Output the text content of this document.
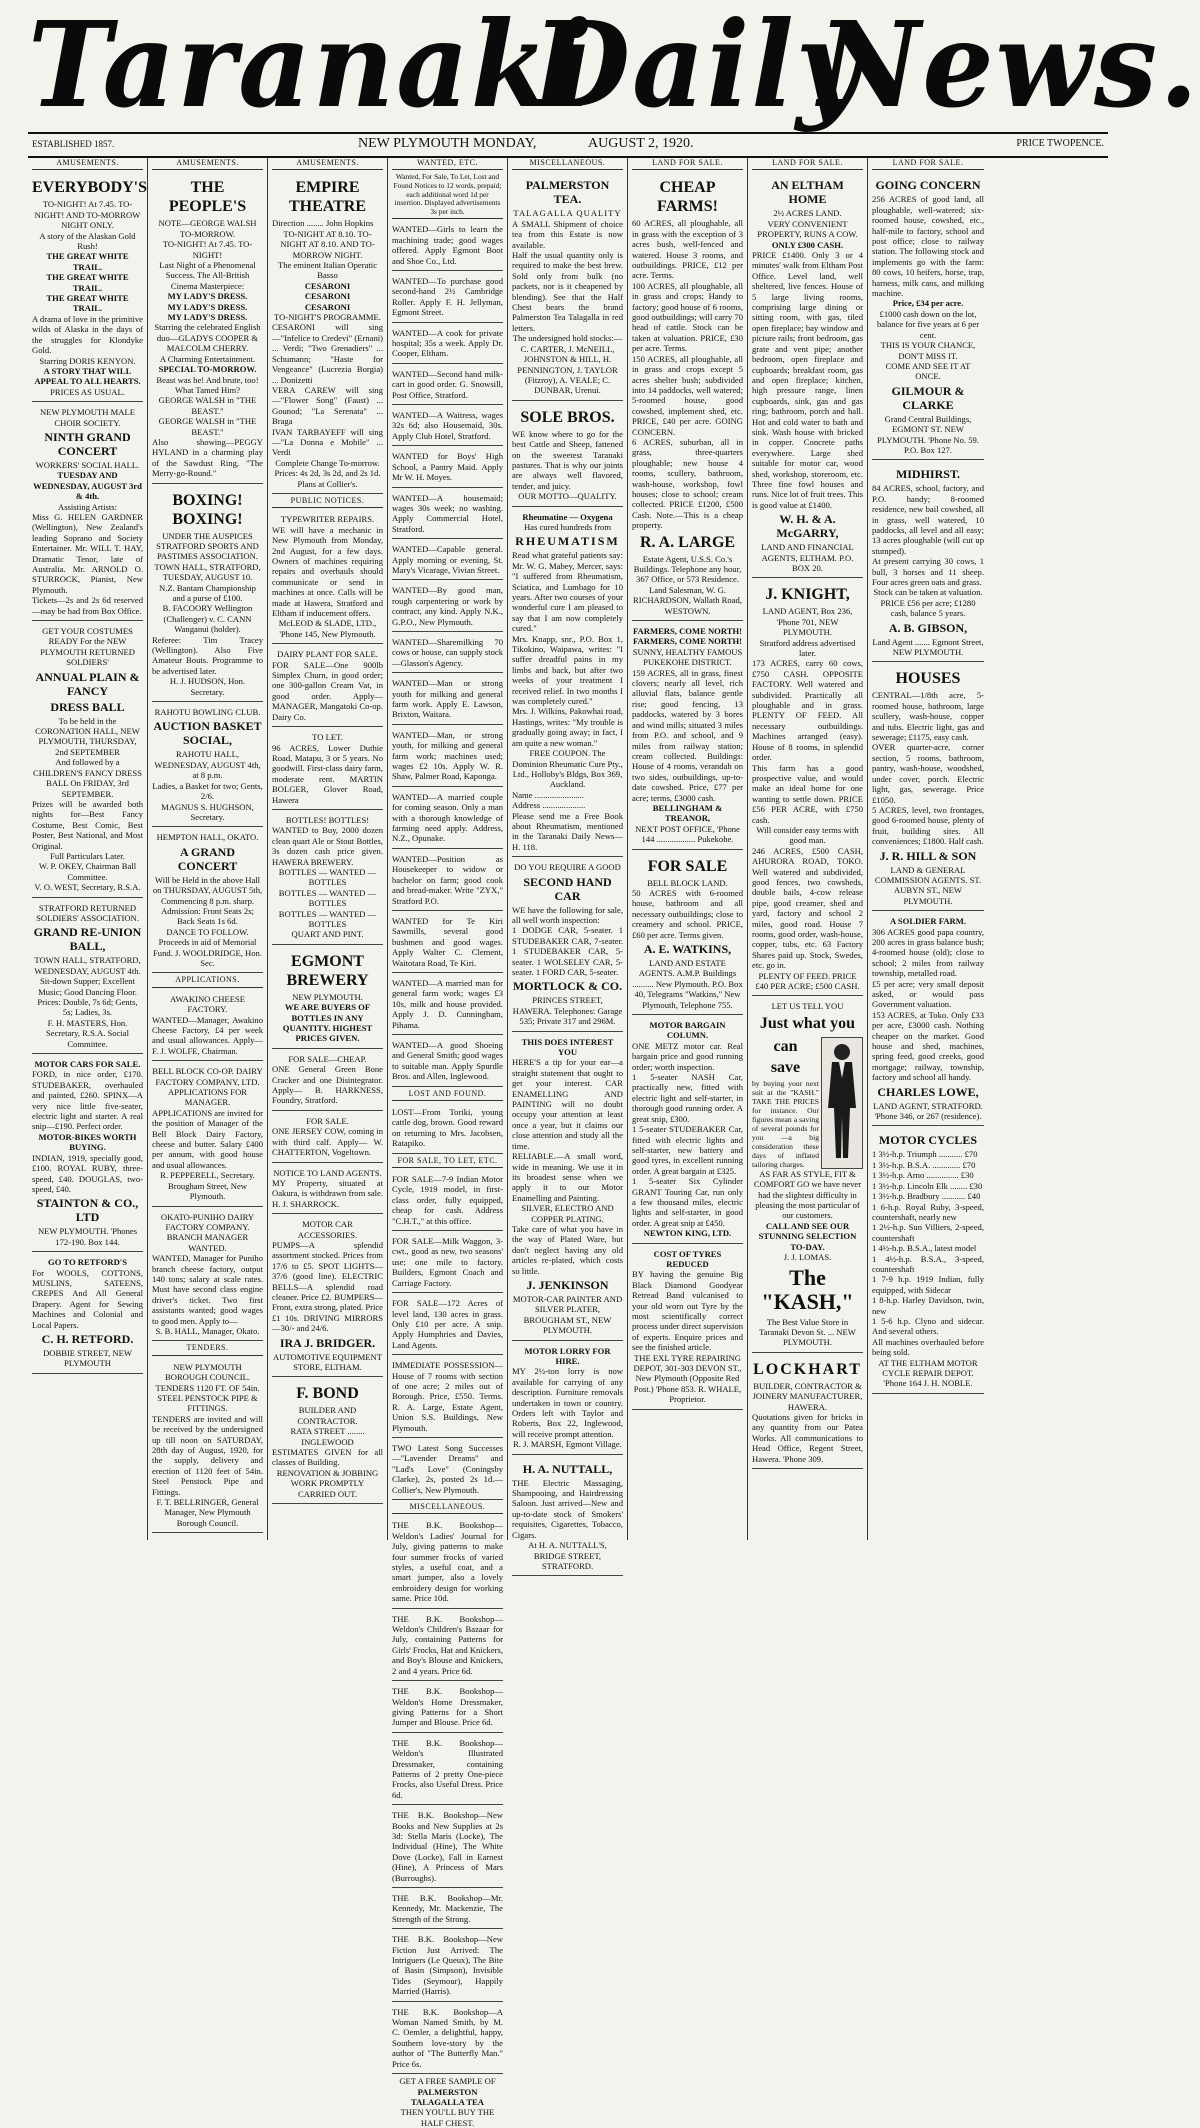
Taranaki
Daily
News.
ESTABLISHED 1857.	NEW PLYMOUTH MONDAY,	AUGUST 2, 1920.	PRICE TWOPENCE.
AMUSEMENTS.
EVERYBODY'S
TO-NIGHT! At 7.45. TO-NIGHT! AND TO-MORROW NIGHT ONLY.
A story of the Alaskan Gold Rush!
THE GREAT WHITE TRAIL.
THE GREAT WHITE TRAIL.
THE GREAT WHITE TRAIL.
A drama of love in the primitive wilds of Alaska in the days of the struggles for Klondyke Gold.
Starring DORIS KENYON.
A STORY THAT WILL APPEAL TO ALL HEARTS.
PRICES AS USUAL.
NEW PLYMOUTH MALE CHOIR SOCIETY.
NINTH GRAND CONCERT
WORKERS' SOCIAL HALL.
TUESDAY AND WEDNESDAY, AUGUST 3rd & 4th.
Assisting Artists:
Miss G. HELEN GARDNER (Wellington), New Zealand's leading Soprano and Society Entertainer. Mr. WILL T. HAY, Dramatic Tenor, late of Australia. Mr. ARNOLD O. STURROCK, Pianist, New Plymouth.
Tickets—2s and 2s 6d reserved—may be had from Box Office.
GET YOUR COSTUMES READY For the NEW PLYMOUTH RETURNED SOLDIERS'
ANNUAL PLAIN & FANCY
DRESS BALL
To be held in the CORONATION HALL, NEW PLYMOUTH, THURSDAY, 2nd SEPTEMBER
And followed by a CHILDREN'S FANCY DRESS BALL On FRIDAY, 3rd SEPTEMBER.
Prizes will be awarded both nights for—Best Fancy Costume, Best Comic, Best Poster, Best National, and Most Original.
Full Particulars Later.
W. P. OKEY, Chairman Ball Committee.
V. O. WEST, Secretary, R.S.A.
STRATFORD RETURNED SOLDIERS' ASSOCIATION.
GRAND RE-UNION BALL,
TOWN HALL, STRATFORD,
WEDNESDAY, AUGUST 4th.
Sit-down Supper; Excellent Music; Good Dancing Floor.
Prices: Double, 7s 6d; Gents, 5s; Ladies, 3s.
F. H. MASTERS, Hon. Secretary, R.S.A. Social Committee.
MOTOR CARS FOR SALE.
FORD, in nice order, £170. STUDEBAKER, overhauled and painted, £260. SPINX—A very nice little five-seater, electric light and starter. A real snip—£190. Perfect order.
MOTOR-BIKES WORTH BUYING.
INDIAN, 1919, specially good, £100. ROYAL RUBY, three-speed, £40. DOUGLAS, two-speed, £40.
STAINTON & CO., LTD
NEW PLYMOUTH. 'Phones 172-190. Box 144.
GO TO RETFORD'S
For WOOLS, COTTONS, MUSLINS, SATEENS, CREPES And All General Drapery. Agent for Sewing Machines and Colonial and Local Papers.
C. H. RETFORD.
DOBBIE STREET, NEW PLYMOUTH
AMUSEMENTS.
THE PEOPLE'S
NOTE—GEORGE WALSH TO-MORROW.
TO-NIGHT! At 7.45. TO-NIGHT!
Last Night of a Phenomenal Success. The All-British Cinema Masterpiece:
MY LADY'S DRESS.
MY LADY'S DRESS.
MY LADY'S DRESS.
Starring the celebrated English duo—GLADYS COOPER & MALCOLM CHERRY.
A Charming Entertainment.
SPECIAL TO-MORROW.
Beast was he! And brute, too! What Tamed Him?
GEORGE WALSH in "THE BEAST."
GEORGE WALSH in "THE BEAST."
Also showing—PEGGY HYLAND in a charming play of the Sawdust Ring, "The Merry-go-Round."
BOXING! BOXING!
UNDER THE AUSPICES STRATFORD SPORTS AND PASTIMES ASSOCIATION.
TOWN HALL, STRATFORD, TUESDAY, AUGUST 10.
N.Z. Bantam Championship and a purse of £100.
B. FACOORY Wellington (Challenger) v. C. CANN Wanganui (holder).
Referee: Tim Tracey (Wellington). Also Five Amateur Bouts. Programme to be advertised later.
H. J. HUDSON, Hon. Secretary.
RAHOTU BOWLING CLUB.
AUCTION BASKET SOCIAL,
RAHOTU HALL, WEDNESDAY, AUGUST 4th, at 8 p.m.
Ladies, a Basket for two; Gents, 2/6.
MAGNUS S. HUGHSON, Secretary.
HEMPTON HALL, OKATO.
A GRAND CONCERT
Will be Held in the above Hall on THURSDAY, AUGUST 5th, Commencing 8 p.m. sharp. Admission: Front Seats 2s; Back Seats 1s 6d.
DANCE TO FOLLOW.
Proceeds in aid of Memorial Fund. J. WOOLDRIDGE, Hon. Sec.
APPLICATIONS.
AWAKINO CHEESE FACTORY.
WANTED—Manager, Awakino Cheese Factory, £4 per week and usual allowances. Apply— F. J. WOLFE, Chairman.
BELL BLOCK CO-OP. DAIRY FACTORY COMPANY, LTD.
APPLICATIONS FOR MANAGER.
APPLICATIONS are invited for the position of Manager of the Bell Block Dairy Factory, cheese and butter. Salary £400 per annum, with good house and usual allowances.
R. PEPPERELL, Secretary. Brougham Street, New Plymouth.
OKATO-PUNIHO DAIRY FACTORY COMPANY.
BRANCH MANAGER WANTED.
WANTED, Manager for Puniho branch cheese factory, output 140 tons; salary at scale rates. Must have second class engine driver's ticket. Two first assistants wanted; good wages to good men. Apply to—
S. B. HALL, Manager, Okato.
TENDERS.
NEW PLYMOUTH BOROUGH COUNCIL.
TENDERS 1120 FT. OF 54in. STEEL PENSTOCK PIPE & FITTINGS.
TENDERS are invited and will be received by the undersigned up till noon on SATURDAY, 28th day of August, 1920, for the supply, delivery and erection of 1120 feet of 54in. Steel Penstock Pipe and Fittings.
F. T. BELLRINGER, General Manager, New Plymouth Borough Council.
AMUSEMENTS.
EMPIRE THEATRE
Direction ........ John Hopkins
TO-NIGHT AT 8.10. TO-NIGHT AT 8.10. AND TO-MORROW NIGHT.
The eminent Italian Operatic Basso
CESARONI
CESARONI
CESARONI
TO-NIGHT'S PROGRAMME.
CESARONI will sing—"Infelice to Credevi" (Ernani) ... Verdi; "Two Grenadiers" ... Schumann; "Haste for Vengeance" (Lucrezia Borgia) ... Donizetti
VERA CAREW will sing—"Flower Song" (Faust) ... Gounod; "La Serenata" ... Braga
IVAN TARBAYEFF will sing—"La Donna e Mobile" ... Verdi
Complete Change To-morrow. Prices: 4s 2d, 3s 2d, and 2s 1d. Plans at Collier's.
PUBLIC NOTICES.
TYPEWRITER REPAIRS.
WE will have a mechanic in New Plymouth from Monday, 2nd August, for a few days. Owners of machines requiring repairs and overhauls should communicate or send in machines at once. Calls will be made at Hawera, Stratford and Eltham if inducement offers.
McLEOD & SLADE, LTD., 'Phone 145, New Plymouth.
DAIRY PLANT FOR SALE.
FOR SALE—One 900lb Simplex Churn, in good order; one 300-gallon Cream Vat, in good order. Apply— MANAGER, Mangatoki Co-op. Dairy Co.
TO LET.
96 ACRES, Lower Duthie Road, Matapu, 3 or 5 years. No goodwill. First-class dairy farm, moderate rent. MARTIN BOLGER, Glover Road, Hawera
BOTTLES! BOTTLES!
WANTED to Buy, 2000 dozen clean quart Ale or Stout Bottles, 3s dozen cash price given. HAWERA BREWERY.
BOTTLES — WANTED — BOTTLES
BOTTLES — WANTED — BOTTLES
BOTTLES — WANTED — BOTTLES
QUART AND PINT.
EGMONT BREWERY
NEW PLYMOUTH.
WE ARE BUYERS OF BOTTLES IN ANY QUANTITY. HIGHEST PRICES GIVEN.
FOR SALE—CHEAP.
ONE General Green Bone Cracker and one Disintegrator. Apply— B. HARKNESS, Foundry, Stratford.
FOR SALE.
ONE JERSEY COW, coming in with third calf. Apply— W. CHATTERTON, Vogeltown.
NOTICE TO LAND AGENTS.
MY Property, situated at Oakura, is withdrawn from sale. H. J. SHARROCK.
MOTOR CAR ACCESSORIES.
PUMPS—A splendid assortment stocked. Prices from 17/6 to £5. SPOT LIGHTS—37/6 (good line). ELECTRIC BELLS—A splendid road cleaner. Price £2. BUMPERS—Front, extra strong, plated. Price £1 10s. DRIVING MIRRORS—30/- and 24/6.
IRA J. BRIDGER.
AUTOMOTIVE EQUIPMENT STORE, ELTHAM.
F. BOND
BUILDER AND CONTRACTOR.
RATA STREET ........ INGLEWOOD
ESTIMATES GIVEN for all classes of Building.
RENOVATION & JOBBING WORK PROMPTLY CARRIED OUT.
WANTED, ETC.
Wanted, For Sale, To Let, Lost and Found Notices to 12 words, prepaid; each additional word 1d per insertion. Displayed advertisements 3s per inch.
WANTED—Girls to learn the machining trade; good wages offered. Apply Egmont Boot and Shoe Co., Ltd.
WANTED—To purchase good second-hand 2½ Cambridge Roller. Apply F. H. Jellyman, Egmont Street.
WANTED—A cook for private hospital; 35s a week. Apply Dr. Cooper, Eltham.
WANTED—Second hand milk-cart in good order. G. Snowsill, Post Office, Stratford.
WANTED—A Waitress, wages 32s 6d; also Housemaid, 30s. Apply Club Hotel, Stratford.
WANTED for Boys' High School, a Pantry Maid. Apply Mr W. H. Moyes.
WANTED—A housemaid; wages 30s week; no washing. Apply Commercial Hotel, Stratford.
WANTED—Capable general. Apply morning or evening, St. Mary's Vicarage, Vivian Street.
WANTED—By good man, rough carpentering or work by contract, any kind. Apply N.K., G.P.O., New Plymouth.
WANTED—Sharemilking 70 cows or house, can supply stock—Glasson's Agency.
WANTED—Man or strong youth for milking and general farm work. Apply E. Lawson, Brixton, Waitara.
WANTED—Man, or strong youth, for milking and general farm work; machines used; wages £2 10s. Apply W. R. Shaw, Palmer Road, Kaponga.
WANTED—A married couple for coming season. Only a man with a thorough knowledge of farming need apply. Address, N.Z., Opunake.
WANTED—Position as Housekeeper to widow or bachelor on farm; good cook and bread-maker. Write "ZYX," Stratford P.O.
WANTED for Te Kiri Sawmills, several good bushmen and good wages. Apply Walter C. Clement, Waitotara Road, Te Kiri.
WANTED—A married man for general farm work; wages £3 10s, milk and house provided. Apply J. D. Cunningham, Pihama.
WANTED—A good Shoeing and General Smith; good wages to suitable man. Apply Spurdle Bros. and Allen, Inglewood.
LOST AND FOUND.
LOST—From Toriki, young cattle dog, brown. Good reward on returning to Mrs. Jacobsen, Ratapiko.
FOR SALE, TO LET, ETC.
FOR SALE—7-9 Indian Motor Cycle, 1919 model, in first-class order, fully equipped, cheap for cash. Address "C.H.T.," at this office.
FOR SALE—Milk Waggon, 3-cwt., good as new, two seasons' use; one mile to factory. Builders, Egmont Coach and Carriage Factory.
FOR SALE—172 Acres of level land, 130 acres in grass. Only £10 per acre. A snip. Apply Humphries and Davies, Land Agents.
IMMEDIATE POSSESSION—House of 7 rooms with section of one acre; 2 miles out of Borough. Price, £550. Terms. R. A. Large, Estate Agent, Union S.S. Buildings, New Plymouth.
TWO Latest Song Successes—"Lavender Dreams" and "Lad's Love" (Coningsby Clarke), 2s, posted 2s 1d.—Collier's, New Plymouth.
MISCELLANEOUS.
THE B.K. Bookshop—Weldon's Ladies' Journal for July, giving patterns to make four summer frocks of varied styles, a useful coat, and a smart jumper, also a lovely embroidery design for working same. Price 10d.
THE B.K. Bookshop—Weldon's Children's Bazaar for July, containing Patterns for Girls' Frocks, Hat and Knickers, and Boy's Blouse and Knickers, 2 and 4 years. Price 6d.
THE B.K. Bookshop—Weldon's Home Dressmaker, giving Patterns for a Short Jumper and Blouse. Price 6d.
THE B.K. Bookshop—Weldon's Illustrated Dressmaker, containing Patterns of 2 pretty One-piece Frocks, also Useful Dress. Price 6d.
THE B.K. Bookshop—New Books and New Supplies at 2s 3d: Stella Maris (Locke), The Individual (Hine), The White Dove (Locke), Fall in Earnest (Hine), A Princess of Mars (Burroughs).
THE B.K. Bookshop—Mr. Kennedy, Mr. Mackenzie, The Strength of the Strong.
THE B.K. Bookshop—New Fiction Just Arrived: The Intriguers (Le Queux), The Bite of Basin (Simpson), Invisible Tides (Seymour), Happily Married (Harris).
THE B.K. Bookshop—A Woman Named Smith, by M. C. Oemler, a delightful, happy, Southern love-story by the author of "The Butterfly Man." Price 6s.
GET A FREE SAMPLE OF
PALMERSTON TALAGALLA TEA
THEN YOU'LL BUY THE HALF CHEST.
MISCELLANEOUS.
PALMERSTON TEA.
TALAGALLA QUALITY
A SMALL Shipment of choice tea from this Estate is now available.
Half the usual quantity only is required to make the best brew. Sold only from bulk (no packets, nor is it cheapened by blending). See that the Half Chest bears the brand Palmerston Tea Talagalla in red letters.
The undersigned hold stocks:—
C. CARTER, J. McNEILL, JOHNSTON & HILL, H. PENNINGTON, J. TAYLOR (Fitzroy), A. VEALE; C. DUNBAR, Urenui.
SOLE BROS.
WE know where to go for the best Cattle and Sheep, fattened on the sweetest Taranaki pastures. That is why our joints are always well flavored, tender, and juicy.
OUR MOTTO—QUALITY.
Rheumatine — Oxygena
Has cured hundreds from
RHEUMATISM
Read what grateful patients say: Mr. W. G. Mabey, Mercer, says: "I suffered from Rheumatism, Sciatica, and Lumbago for 10 years. After two courses of your wonderful cure I am pleased to say that I am now completely cured."
Mrs. Knapp, snr., P.O. Box 1, Tikokino, Waipawa, writes: "I suffer dreadful pains in my limbs and back, but after two weeks of your treatment I received relief. In two months I was completely cured."
Mrs. J. Wilkins, Pakowhai road, Hastings, writes: "My trouble is gradually going away; in fact, I am quite a new woman."
FREE COUPON. The Dominion Rheumatic Cure Pty., Ltd., Holloby's Bldgs, Box 369, Auckland.
Name .......................
Address ....................
Please send me a Free Book about Rheumatism, mentioned in the Taranaki Daily News—H. 118.
DO YOU REQUIRE A GOOD
SECOND HAND CAR
WE have the following for sale, all well worth inspection:
1 DODGE CAR, 5-seater. 1 STUDEBAKER CAR, 7-seater. 1 STUDEBAKER CAR, 5-seater. 1 WOLSELEY CAR, 5-seater. 1 FORD CAR, 5-seater.
MORTLOCK & CO.
PRINCES STREET, HAWERA. Telephones: Garage 535; Private 317 and 296M.
THIS DOES INTEREST YOU
HERE'S a tip for your ear—a straight statement that ought to get your interest. CAR ENAMELLING AND PAINTING will no doubt occupy your attention at least once a year, but it claims our close attention and study all the time.
RELIABLE.—A small word, wide in meaning. We use it in its broadest sense when we apply it to our Motor Enamelling and Painting.
SILVER, ELECTRO AND COPPER PLATING.
Take care of what you have in the way of Plated Ware, but don't neglect having any old articles re-plated, which costs so little.
J. JENKINSON
MOTOR-CAR PAINTER AND SILVER PLATER, BROUGHAM ST., NEW PLYMOUTH.
MOTOR LORRY FOR HIRE.
MY 2½-ton lorry is now available for carrying of any description. Furniture removals undertaken in town or country. Orders left with Taylor and Roberts, Box 22, Inglewood, will receive prompt attention.
R. J. MARSH, Egmont Village.
H. A. NUTTALL,
THE Electric Massaging, Shampooing, and Hairdressing Saloon. Just arrived—New and up-to-date stock of Smokers' requisites, Cigarettes, Tobacco, Cigars.
At H. A. NUTTALL'S, BRIDGE STREET, STRATFORD.
LAND FOR SALE.
CHEAP FARMS!
60 ACRES, all ploughable, all in grass with the exception of 3 acres bush, well-fenced and watered. House 3 rooms, and outbuildings. PRICE, £12 per acre. Terms.
100 ACRES, all ploughable, all in grass and crops; Handy to factory; good house of 6 rooms, good outbuildings; will carry 70 head of cattle. Stock can be taken at valuation. PRICE, £30 per acre. Terms.
150 ACRES, all ploughable, all in grass and crops except 5 acres shelter bush; subdivided into 14 paddocks, well watered; 5-roomed house, good cowshed, implement shed, etc. PRICE, £40 per acre. GOING CONCERN.
6 ACRES, suburban, all in grass, three-quarters ploughable; new house 4 rooms, scullery, bathroom, wash-house, workshop, fowl houses; close to school; cream collected. PRICE £1200, £500 Cash. Note.—This is a cheap property.
R. A. LARGE
Estate Agent, U.S.S. Co.'s Buildings. Telephone any hour, 367 Office, or 573 Residence.
Land Salesman, W. G. RICHARDSON, Wallath Road, WESTOWN.
FARMERS, COME NORTH! FARMERS, COME NORTH!
SUNNY, HEALTHY FAMOUS PUKEKOHE DISTRICT.
159 ACRES, all in grass, finest clovers; nearly all level, rich alluvial flats, balance gentle rise; good fencing, 13 paddocks, watered by 3 bores and wind mills; situated 3 miles from P.O. and school, and 9 miles from railway station; cream collected. Buildings: House of 4 rooms, verandah on two sides, outbuildings, up-to-date cowshed. Price, £77 per acre; terms, £3000 cash.
BELLINGHAM & TREANOR,
NEXT POST OFFICE, 'Phone 144 .................. Pukekohe.
FOR SALE
BELL BLOCK LAND.
50 ACRES with 6-roomed house, bathroom and all necessary outbuildings; close to creamery and school. PRICE, £60 per acre. Terms given.
A. E. WATKINS,
LAND AND ESTATE AGENTS. A.M.P. Buildings .......... New Plymouth. P.O. Box 40, Telegrams "Watkins," New Plymouth, Telephone 755.
MOTOR BARGAIN COLUMN.
ONE METZ motor car. Real bargain price and good running order; worth inspection.
1 5-seater NASH Car, practically new, fitted with electric light and self-starter, in thorough good running order. A great snip, £300.
1 5-seater STUDEBAKER Car, fitted with electric lights and self-starter, new battery and good tyres, in excellent running order. A great bargain at £325.
1 5-seater Six Cylinder GRANT Touring Car, run only a few thousand miles, electric lights and self-starter, in good order. A great snip at £450.
NEWTON KING, LTD.
COST OF TYRES REDUCED
BY having the genuine Big Black Diamond Goodyear Retread Band vulcanised to your old worn out Tyre by the most scientifically correct process under direct supervision of experts. Enquire prices and see the finished article.
THE EXL TYRE REPAIRING DEPOT, 301-303 DEVON ST., New Plymouth (Opposite Red Post.) 'Phone 853. R. WHALE, Proprietor.
LAND FOR SALE.
AN ELTHAM HOME
2½ ACRES LAND.
VERY CONVENIENT PROPERTY, RUNS A COW.
ONLY £300 CASH.
PRICE £1400. Only 3 or 4 minutes' walk from Eltham Post Office. Level land, well sheltered, live fences. House of 5 large living rooms, comprising large dining or sitting room, with gas, tiled open fireplace; bay window and picture rails; front bedroom, gas grate and vent pipe; another bedroom, open fireplace and cupboards; breakfast room, gas and open fireplace; kitchen, high pressure range, linen cupboards, sink, gas and gas ring; bathroom, porch and hall. Hot and cold water to bath and sink. Wash house with bricked in copper. Concrete paths everywhere. Large shed suitable for motor car, wood shed, workshop, storeroom, etc. Three fine fowl houses and runs. Nice lot of fruit trees. This is good value at £1400.
W. H. & A. McGARRY,
LAND AND FINANCIAL AGENTS, ELTHAM. P.O. BOX 20.
J. KNIGHT,
LAND AGENT, Box 236, 'Phone 701, NEW PLYMOUTH.
Stratford address advertised later.
173 ACRES, carry 60 cows, £750 CASH. OPPOSITE FACTORY. Well watered and subdivided. Practically all ploughable and in grass. PLENTY OF FEED. All necessary outbuildings. Machines arranged (easy). House of 8 rooms, in splendid order.
This farm has a good prospective value, and would make an ideal home for one wanting to settle down. PRICE £56 PER ACRE, with £750 cash.
Will consider easy terms with good man.
246 ACRES, £500 CASH, AHURORA ROAD, TOKO. Well watered and subdivided, good fences, two cowsheds, double bails, 4-cow release pipe, good creamer, shed and yard, factory and school 2 miles, good road. House 7 rooms, good order, wash-house, copper, tubs, etc. 63 Factory Shares paid up. Stock, Swedes, etc. go in.
PLENTY OF FEED. PRICE £40 PER ACRE; £500 CASH.
LET US TELL YOU
Just what you
can
save
by buying your next suit at the "KASH." TAKE THE PRICES for instance. Our figures mean a saving of several pounds for you —a big consideration these days of inflated tailoring charges.
AS FAR AS STYLE, FIT & COMFORT GO we have never had the slightest difficulty in pleasing the most particular of our customers.
CALL AND SEE OUR STUNNING SELECTION TO-DAY.
J. J. LOMAS.
The "KASH,"
The Best Value Store in Taranaki Devon St. ... NEW PLYMOUTH.
LOCKHART
BUILDER, CONTRACTOR & JOINERY MANUFACTURER, HAWERA.
Quotations given for bricks in any quantity from our Patea Works. All communications to Head Office, Regent Street, Hawera. 'Phone 309.
LAND FOR SALE.
GOING CONCERN
256 ACRES of good land, all ploughable, well-watered; six-roomed house, cowshed, etc., half-mile to factory, school and post office; close to railway station. The following stock and implements go with the farm: 80 cows, 10 heifers, horse, trap, harness, milk cans, and milking machine.
Price, £34 per acre.
£1000 cash down on the lot, balance for five years at 6 per cent.
THIS IS YOUR CHANCE, DON'T MISS IT.
COME AND SEE IT AT ONCE.
GILMOUR & CLARKE
Grand Central Buildings, EGMONT ST. NEW PLYMOUTH. 'Phone No. 59. P.O. Box 127.
MIDHIRST.
84 ACRES, school, factory, and P.O. handy; 8-roomed residence, new bail cowshed, all in grass, well watered, 10 paddocks, all level and all easy; 13 acres ploughable (will cut up stumped).
At present carrying 30 cows, 1 bull, 3 horses and 11 sheep. Four acres green oats and grass.
Stock can be taken at valuation.
PRICE £56 per acre; £1280 cash, balance 5 years.
A. B. GIBSON,
Land Agent ....... Egmont Street, NEW PLYMOUTH.
HOUSES
CENTRAL—1/8th acre, 5-roomed house, bathroom, large scullery, wash-house, copper and tubs. Electric light, gas and sewerage; £1175, easy cash.
OVER quarter-acre, corner section, 5 rooms, bathroom, pantry, wash-house, woodshed, under cover, porch. Electric light, gas, sewerage. Price £1050.
5 ACRES, level, two frontages, good 6-roomed house, plenty of fruit, building sites. All conveniences; £1800. Half cash.
J. R. HILL & SON
LAND & GENERAL COMMISSION AGENTS. ST. AUBYN ST., NEW PLYMOUTH.
A SOLDIER FARM.
306 ACRES good papa country, 200 acres in grass balance bush; 4-roomed house (old); close to school; 2 miles from railway township, metalled road.
£5 per acre; very small deposit asked, or would pass Government valuation.
153 ACRES, at Toko. Only £33 per acre, £3000 cash. Nothing cheaper on the market. Good house and shed, machines, spring feed, good creeks, good mortgage; railway, township, factory and school all handy.
CHARLES LOWE,
LAND AGENT, STRATFORD. 'Phone 346, or 267 (residence).
MOTOR CYCLES
1 3½-h.p. Triumph ........... £70
1 3½-h.p. B.S.A. ............. £70
1 3½-h.p. Arno ............... £30
1 3½-h.p. Lincoln Elk ........ £30
1 3½-h.p. Bradbury ........... £40
1 6-h.p. Royal Ruby, 3-speed, countershaft, nearly new
1 2½-h.p. Sun Villiers, 2-speed, countershaft
1 4½-h.p. B.S.A., latest model
1 4½-h.p. B.S.A., 3-speed, countershaft
1 7-9 h.p. 1919 Indian, fully equipped, with Sidecar
1 8-h.p. Harley Davidson, twin, new
1 5-6 h.p. Clyno and sidecar. And several others.
All machines overhauled before being sold.
AT THE ELTHAM MOTOR CYCLE REPAIR DEPOT.
'Phone 164 J. H. NOBLE.
